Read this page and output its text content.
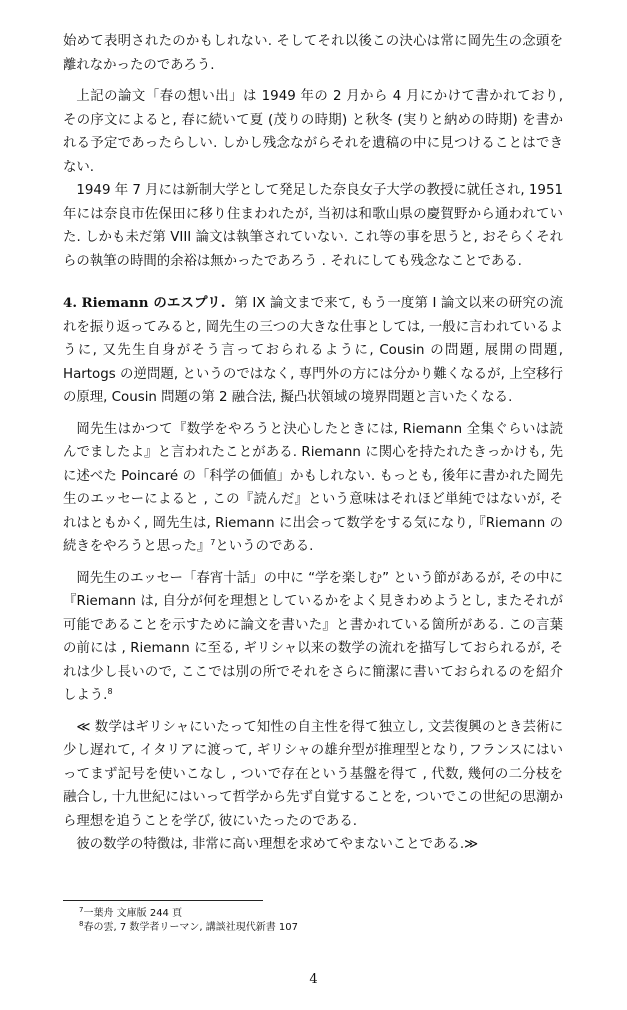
始めて表明されたのかもしれない. そしてそれ以後この決心は常に岡先生の念頭を離れなかったのであろう.

上記の論文「春の想い出」は 1949 年の 2 月から 4 月にかけて書かれており, その序文によると, 春に続いて夏 (茂りの時期) と秋冬 (実りと納めの時期) を書かれる予定であったらしい. しかし残念ながらそれを遺稿の中に見つけることはできない.

1949 年 7 月には新制大学として発足した奈良女子大学の教授に就任され, 1951 年には奈良市佐保田に移り住まわれたが, 当初は和歌山県の慶賀野から通われていた. しかも未だ第 VIII 論文は執筆されていない. これ等の事を思うと, おそらくそれらの執筆の時間的余裕は無かったであろう . それにしても残念なことである.

4. Riemann のエスプリ. 第 IX 論文まで来て, もう一度第 I 論文以来の研究の流れを振り返ってみると, 岡先生の三つの大きな仕事としては, 一般に言われているように, 又先生自身がそう言っておられるように, Cousin の問題, 展開の問題, Hartogs の逆問題, というのではなく, 専門外の方には分かり難くなるが, 上空移行の原理, Cousin 問題の第 2 融合法, 擬凸状領域の境界問題と言いたくなる.

岡先生はかつて『数学をやろうと決心したときには, Riemann 全集ぐらいは読んでましたよ』と言われたことがある. Riemann に関心を持たれたきっかけも, 先に述べた Poincaré の「科学の価値」かもしれない. もっとも, 後年に書かれた岡先生のエッセーによると , この『読んだ』という意味はそれほど単純ではないが, それはともかく, 岡先生は, Riemann に出会って数学をする気になり,『Riemann の続きをやろうと思った』$^7$というのである.

岡先生のエッセー「春宵十話」の中に “学を楽しむ” という節があるが, その中に『Riemann は, 自分が何を理想としているかをよく見きわめようとし, またそれが可能であることを示すために論文を書いた』と書かれている箇所がある. この言葉の前には , Riemann に至る, ギリシャ以来の数学の流れを描写しておられるが, それは少し長いので, ここでは別の所でそれをさらに簡潔に書いておられるのを紹介しよう.$^8$

≪ 数学はギリシャにいたって知性の自主性を得て独立し, 文芸復興のとき芸術に少し遅れて, イタリアに渡って, ギリシャの雄弁型が推理型となり, フランスにはいってまず記号を使いこなし , ついで存在という基盤を得て , 代数, 幾何の二分枝を融合し, 十九世紀にはいって哲学から先ず自覚することを, ついでこの世紀の思潮から理想を追うことを学び, 彼にいたったのである.

彼の数学の特徴は, 非常に高い理想を求めてやまないことである.≫

$^7$一葉舟 文庫版 244 頁

$^8$春の雲, 7 数学者リーマン, 講談社現代新書 107

4
